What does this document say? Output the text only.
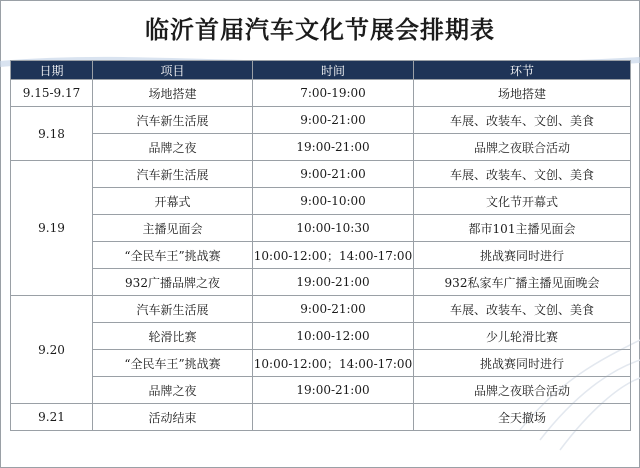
临沂首届汽车文化节展会排期表
日期	项目	时间	环节
9.15-9.17	场地搭建	7:00-19:00	场地搭建
9.18	汽车新生活展	9:00-21:00	车展、改装车、文创、美食
	品牌之夜	19:00-21:00	品牌之夜联合活动
9.19	汽车新生活展	9:00-21:00	车展、改装车、文创、美食
	开幕式	9:00-10:00	文化节开幕式
	主播见面会	10:00-10:30	都市101主播见面会
	“全民车王”挑战赛	10:00-12:00；14:00-17:00	挑战赛同时进行
	932广播品牌之夜	19:00-21:00	932私家车广播主播见面晚会
9.20	汽车新生活展	9:00-21:00	车展、改装车、文创、美食
	轮滑比赛	10:00-12:00	少儿轮滑比赛
	“全民车王”挑战赛	10:00-12:00；14:00-17:00	挑战赛同时进行
	品牌之夜	19:00-21:00	品牌之夜联合活动
9.21	活动结束		全天撤场
